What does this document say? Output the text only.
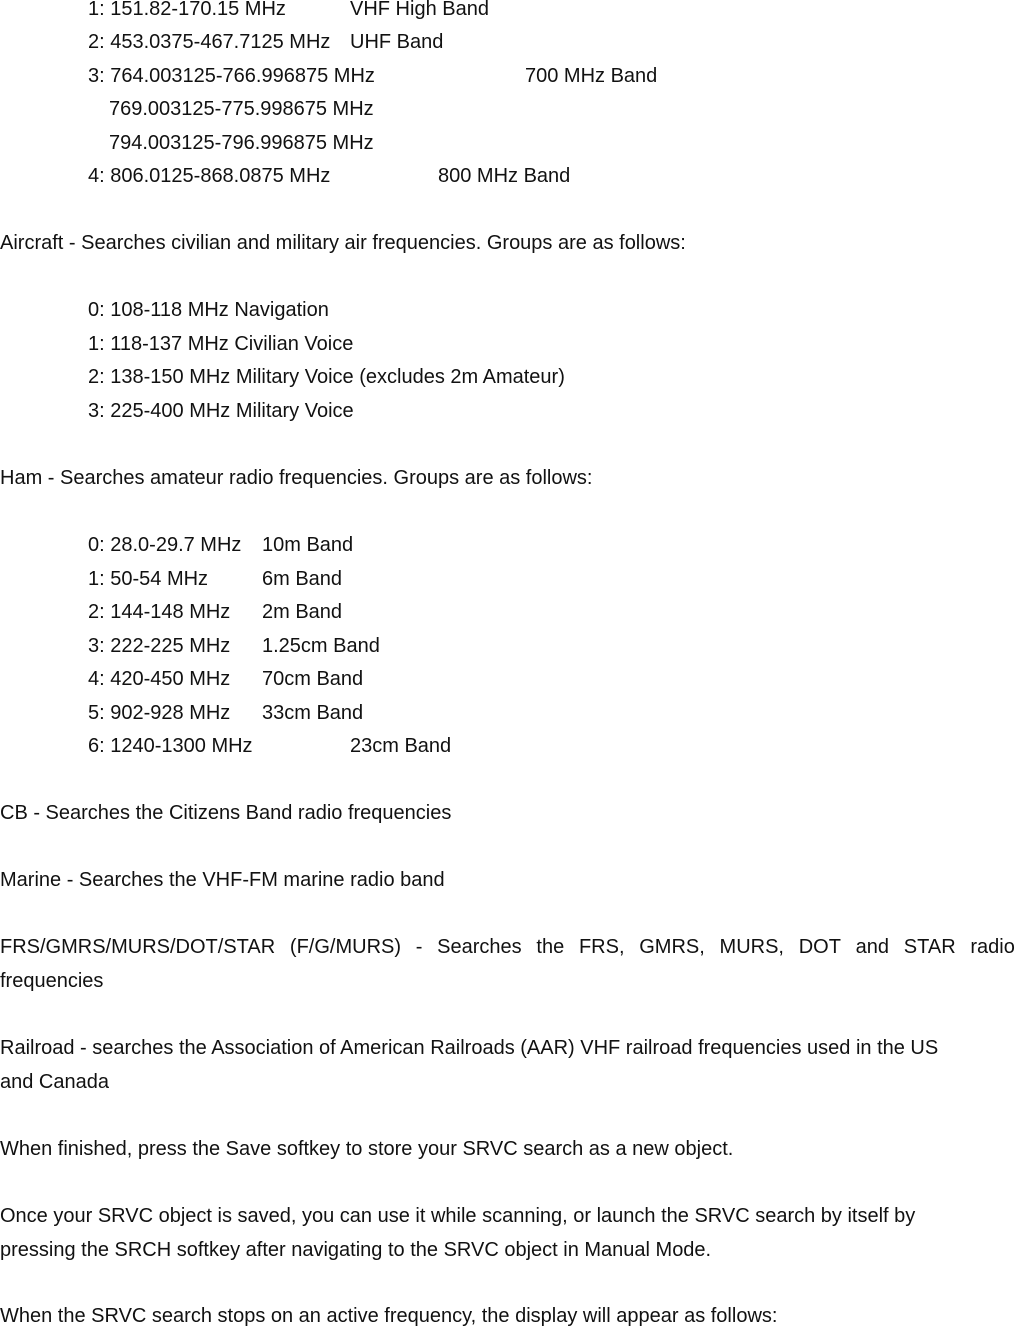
1: 151.82-170.15 MHz	VHF High Band
2: 453.0375-467.7125 MHz UHF Band
3: 764.003125-766.996875 MHz	700 MHz Band
769.003125-775.998675 MHz
794.003125-796.996875 MHz
4: 806.0125-868.0875 MHz	800 MHz Band
Aircraft - Searches civilian and military air frequencies. Groups are as follows:
0: 108-118 MHz Navigation
1: 118-137 MHz Civilian Voice
2: 138-150 MHz Military Voice (excludes 2m Amateur)
3: 225-400 MHz Military Voice
Ham - Searches amateur radio frequencies. Groups are as follows:
0: 28.0-29.7 MHz 10m Band
1: 50-54 MHz	6m Band
2: 144-148 MHz 2m Band
3: 222-225 MHz 1.25cm Band
4: 420-450 MHz 70cm Band
5: 902-928 MHz 33cm Band
6: 1240-1300 MHz	23cm Band
CB - Searches the Citizens Band radio frequencies
Marine - Searches the VHF-FM marine radio band
FRS/GMRS/MURS/DOT/STAR (F/G/MURS) - Searches the FRS, GMRS, MURS, DOT and STAR radio
frequencies
Railroad - searches the Association of American Railroads (AAR) VHF railroad frequencies used in the US
and Canada
When finished, press the Save softkey to store your SRVC search as a new object.
Once your SRVC object is saved, you can use it while scanning, or launch the SRVC search by itself by
pressing the SRCH softkey after navigating to the SRVC object in Manual Mode.
When the SRVC search stops on an active frequency, the display will appear as follows:
